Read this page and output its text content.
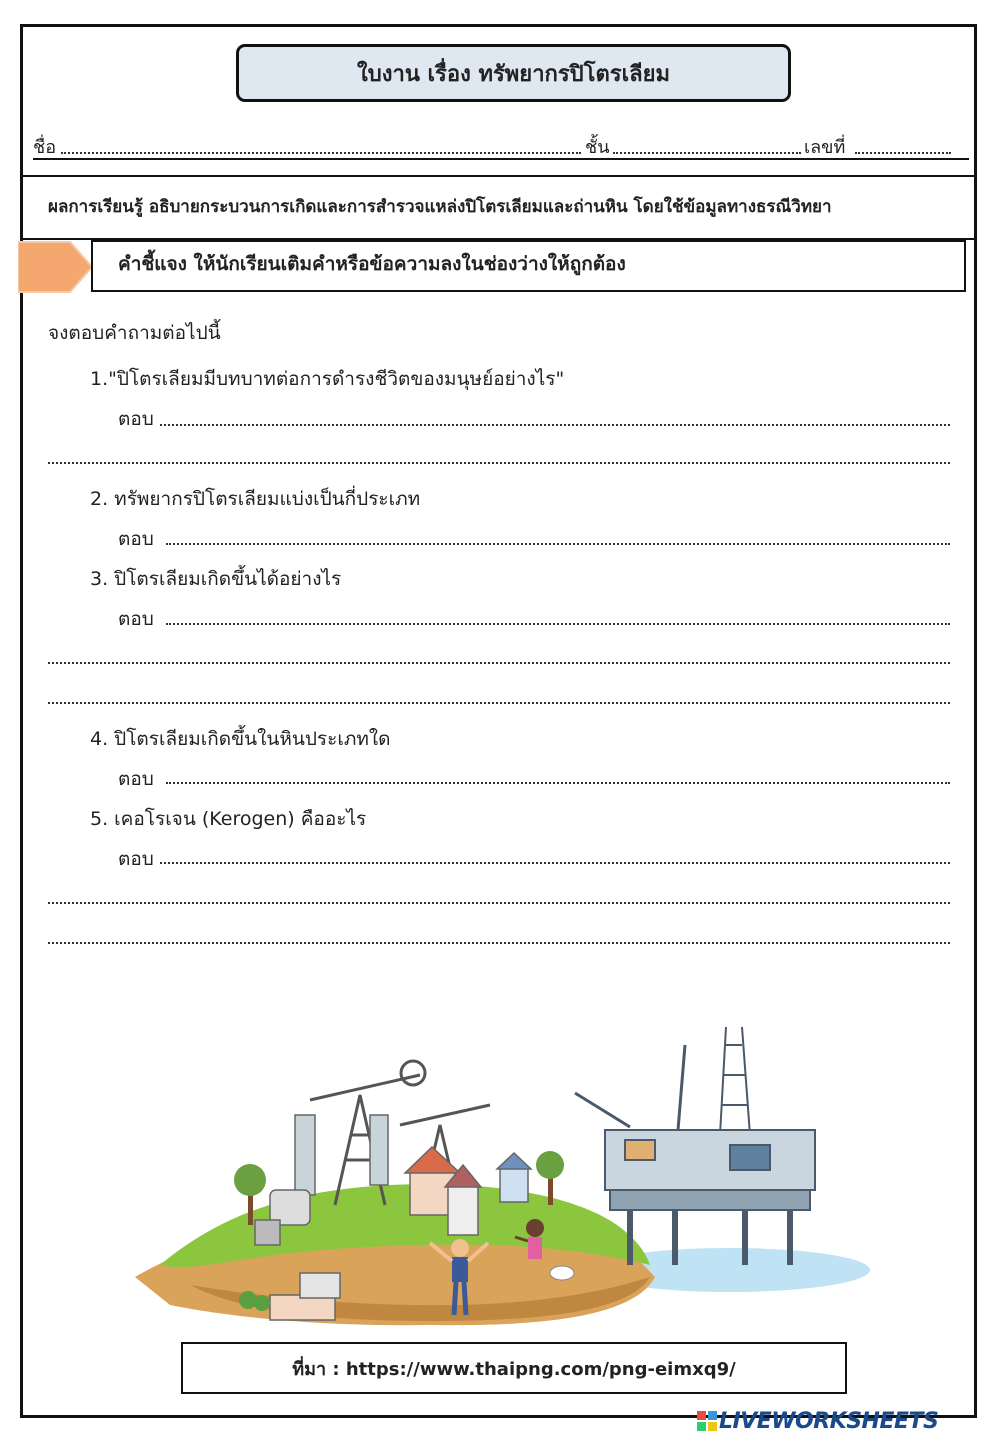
ใบงาน เรื่อง ทรัพยากรปิโตรเลียม
ชื่อ	ชั้น	เลขที่
ผลการเรียนรู้ อธิบายกระบวนการเกิดและการสำรวจแหล่งปิโตรเลียมและถ่านหิน โดยใช้ข้อมูลทางธรณีวิทยา
คำชี้แจง ให้นักเรียนเติมคำหรือข้อความลงในช่องว่างให้ถูกต้อง
จงตอบคำถามต่อไปนี้
1."ปิโตรเลียมมีบทบาทต่อการดำรงชีวิตของมนุษย์อย่างไร"
ตอบ
2. ทรัพยากรปิโตรเลียมแบ่งเป็นกี่ประเภท
ตอบ
3. ปิโตรเลียมเกิดขึ้นได้อย่างไร
ตอบ
4. ปิโตรเลียมเกิดขึ้นในหินประเภทใด
ตอบ
5. เคอโรเจน (Kerogen) คืออะไร
ตอบ
ที่มา : https://www.thaipng.com/png-eimxq9/
LIVEWORKSHEETS
